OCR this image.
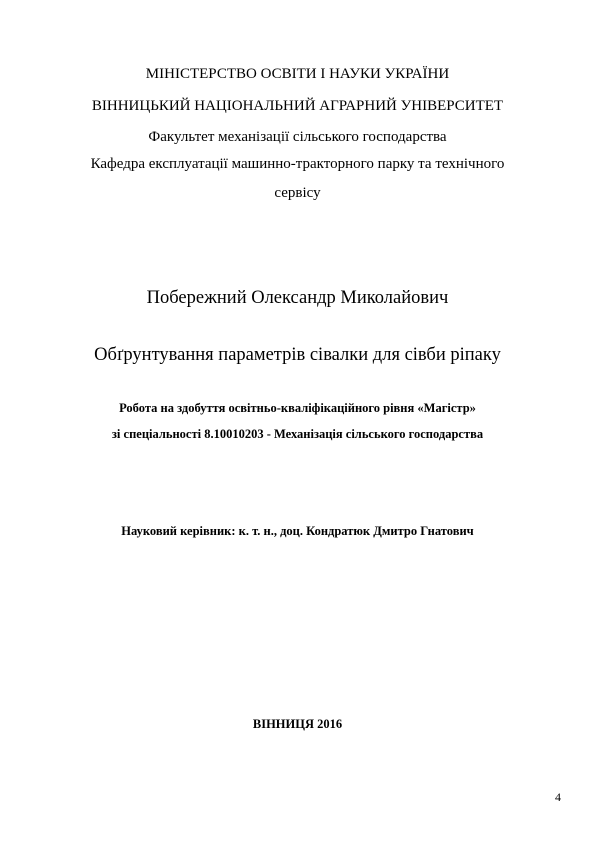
МІНІСТЕРСТВО ОСВІТИ І НАУКИ УКРАЇНИ
ВІННИЦЬКИЙ НАЦІОНАЛЬНИЙ АГРАРНИЙ УНІВЕРСИТЕТ
Факультет механізації сільського господарства
Кафедра експлуатації машинно-тракторного парку та технічного
сервісу
Побережний Олександр Миколайович
Обґрунтування параметрів сівалки для сівби ріпаку
Робота на здобуття освітньо-кваліфікаційного рівня «Магістр»
зі спеціальності 8.10010203 - Механізація сільського господарства
Науковий керівник: к. т. н., доц. Кондратюк Дмитро Гнатович
ВІННИЦЯ 2016
4
